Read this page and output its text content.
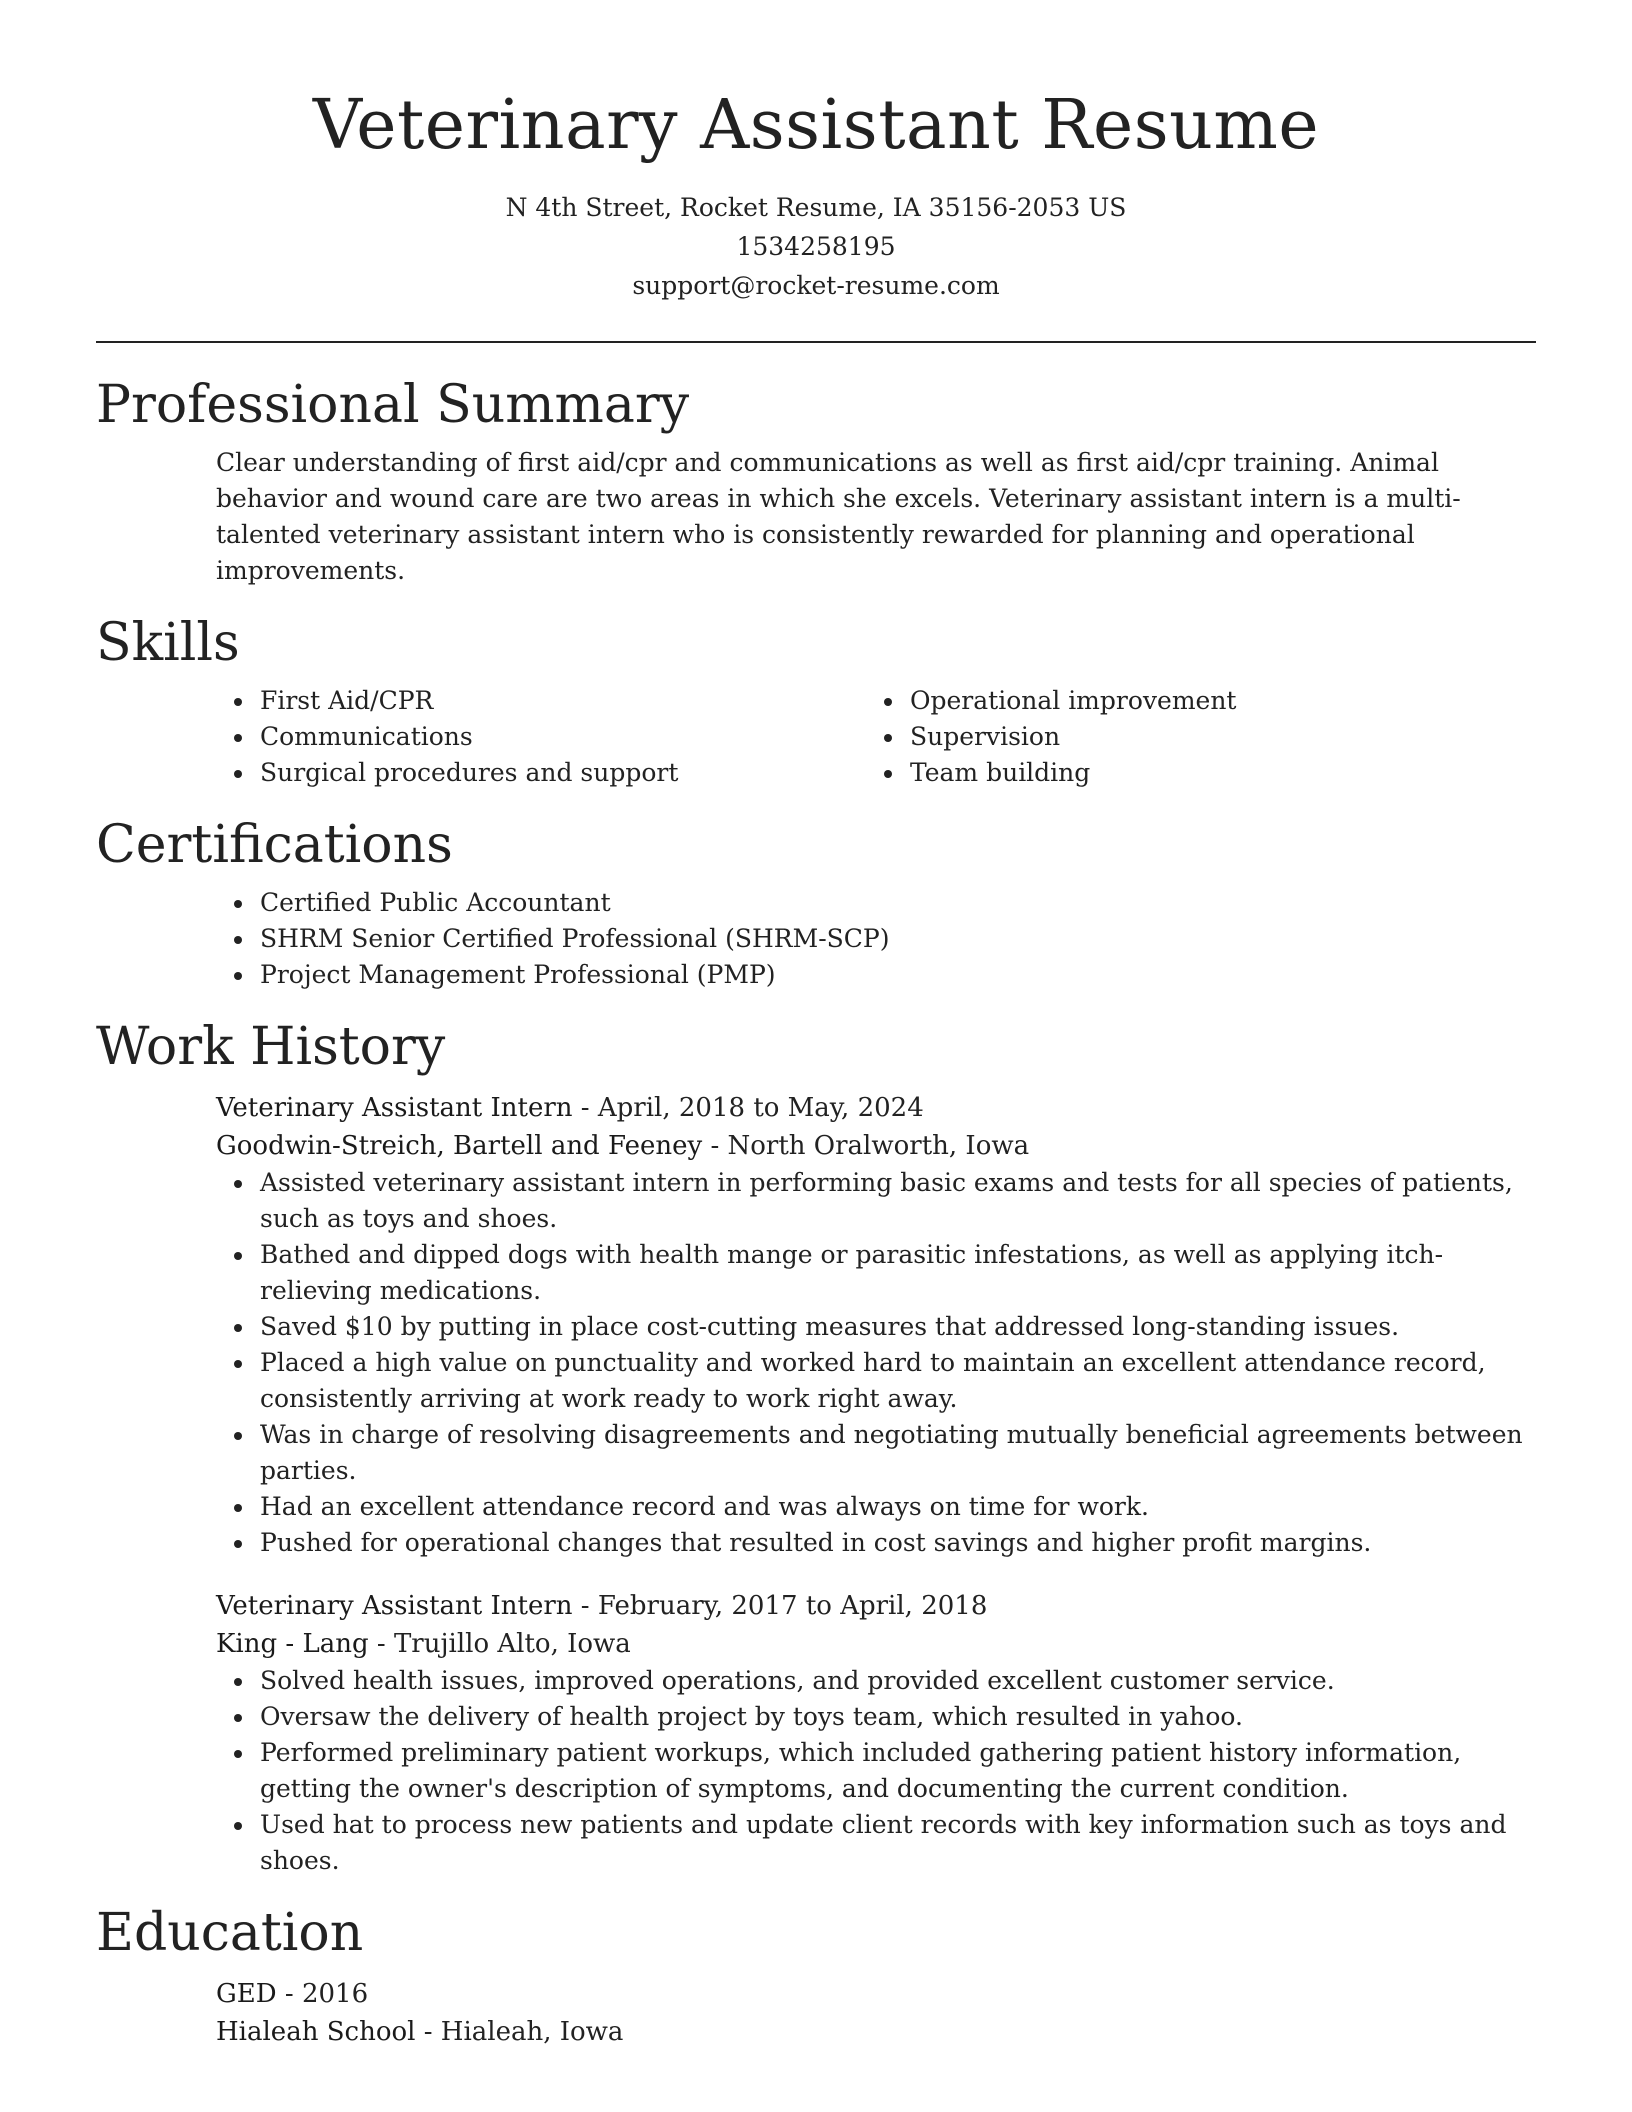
Veterinary Assistant Resume
N 4th Street, Rocket Resume, IA 35156-2053 US
1534258195
support@rocket-resume.com
Professional Summary
Clear understanding of first aid/cpr and communications as well as first aid/cpr training. Animal behavior and wound care are two areas in which she excels. Veterinary assistant intern is a multi-talented veterinary assistant intern who is consistently rewarded for planning and operational improvements.
Skills
First Aid/CPR
Communications
Surgical procedures and support
Operational improvement
Supervision
Team building
Certifications
Certified Public Accountant
SHRM Senior Certified Professional (SHRM-SCP)
Project Management Professional (PMP)
Work History
Veterinary Assistant Intern - April, 2018 to May, 2024
Goodwin-Streich, Bartell and Feeney - North Oralworth, Iowa
Assisted veterinary assistant intern in performing basic exams and tests for all species of patients, such as toys and shoes.
Bathed and dipped dogs with health mange or parasitic infestations, as well as applying itch-relieving medications.
Saved $10 by putting in place cost-cutting measures that addressed long-standing issues.
Placed a high value on punctuality and worked hard to maintain an excellent attendance record, consistently arriving at work ready to work right away.
Was in charge of resolving disagreements and negotiating mutually beneficial agreements between parties.
Had an excellent attendance record and was always on time for work.
Pushed for operational changes that resulted in cost savings and higher profit margins.
Veterinary Assistant Intern - February, 2017 to April, 2018
King - Lang - Trujillo Alto, Iowa
Solved health issues, improved operations, and provided excellent customer service.
Oversaw the delivery of health project by toys team, which resulted in yahoo.
Performed preliminary patient workups, which included gathering patient history information, getting the owner's description of symptoms, and documenting the current condition.
Used hat to process new patients and update client records with key information such as toys and shoes.
Education
GED - 2016
Hialeah School - Hialeah, Iowa
